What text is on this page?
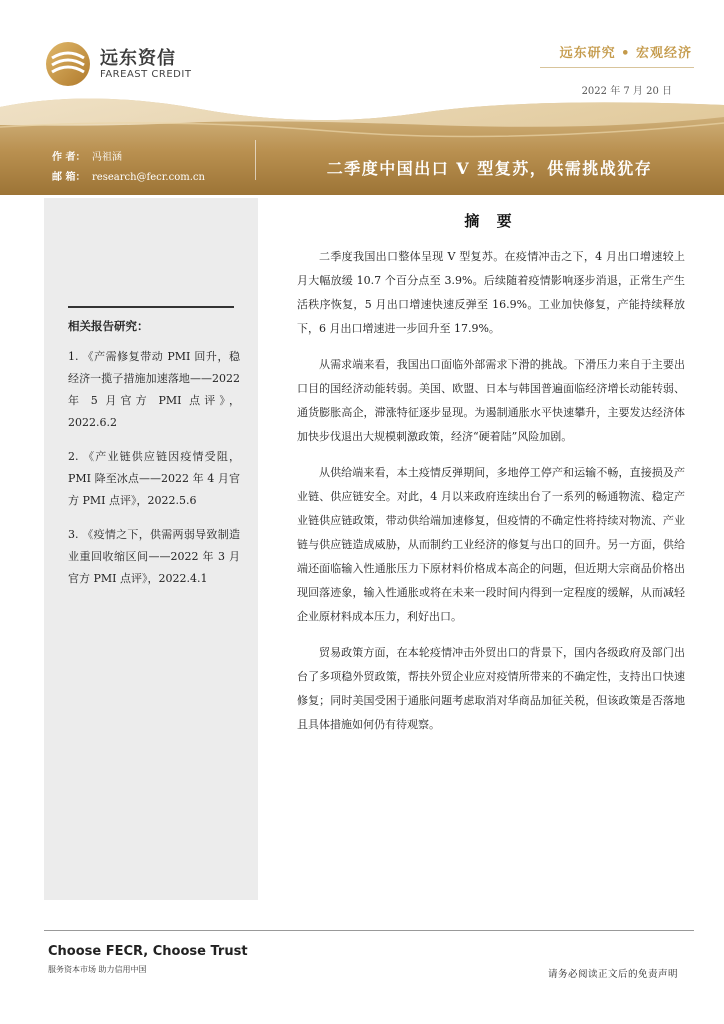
远东资信
FAREAST CREDIT
远东研究 • 宏观经济
2022 年 7 月 20 日
作 者： 冯祖涵
邮 箱： research@fecr.com.cn	二季度中国出口 V 型复苏，供需挑战犹存
相关报告研究：
1. 《产需修复带动 PMI 回升，稳经济一揽子措施加速落地——2022 年 5 月官方 PMI 点评》，2022.6.2
2. 《产业链供应链因疫情受阻，PMI 降至冰点——2022 年 4 月官方 PMI 点评》，2022.5.6
3. 《疫情之下，供需两弱导致制造业重回收缩区间——2022 年 3 月官方 PMI 点评》，2022.4.1
摘 要

二季度我国出口整体呈现 V 型复苏。在疫情冲击之下，4 月出口增速较上月大幅放缓 10.7 个百分点至 3.9%。后续随着疫情影响逐步消退，正常生产生活秩序恢复，5 月出口增速快速反弹至 16.9%。工业加快修复，产能持续释放下，6 月出口增速进一步回升至 17.9%。

从需求端来看，我国出口面临外部需求下滑的挑战。下滑压力来自于主要出口目的国经济动能转弱。美国、欧盟、日本与韩国普遍面临经济增长动能转弱、通货膨胀高企，滞涨特征逐步显现。为遏制通胀水平快速攀升，主要发达经济体加快步伐退出大规模刺激政策，经济“硬着陆”风险加剧。

从供给端来看，本土疫情反弹期间，多地停工停产和运输不畅，直接损及产业链、供应链安全。对此，4 月以来政府连续出台了一系列的畅通物流、稳定产业链供应链政策，带动供给端加速修复，但疫情的不确定性将持续对物流、产业链与供应链造成威胁，从而制约工业经济的修复与出口的回升。另一方面，供给端还面临输入性通胀压力下原材料价格成本高企的问题，但近期大宗商品价格出现回落迹象，输入性通胀或将在未来一段时间内得到一定程度的缓解，从而减轻企业原材料成本压力，利好出口。

贸易政策方面，在本轮疫情冲击外贸出口的背景下，国内各级政府及部门出台了多项稳外贸政策，帮扶外贸企业应对疫情所带来的不确定性，支持出口快速修复；同时美国受困于通胀问题考虑取消对华商品加征关税，但该政策是否落地且具体措施如何仍有待观察。

Choose FECR, Choose Trust
服务资本市场 助力信用中国	请务必阅读正文后的免责声明
